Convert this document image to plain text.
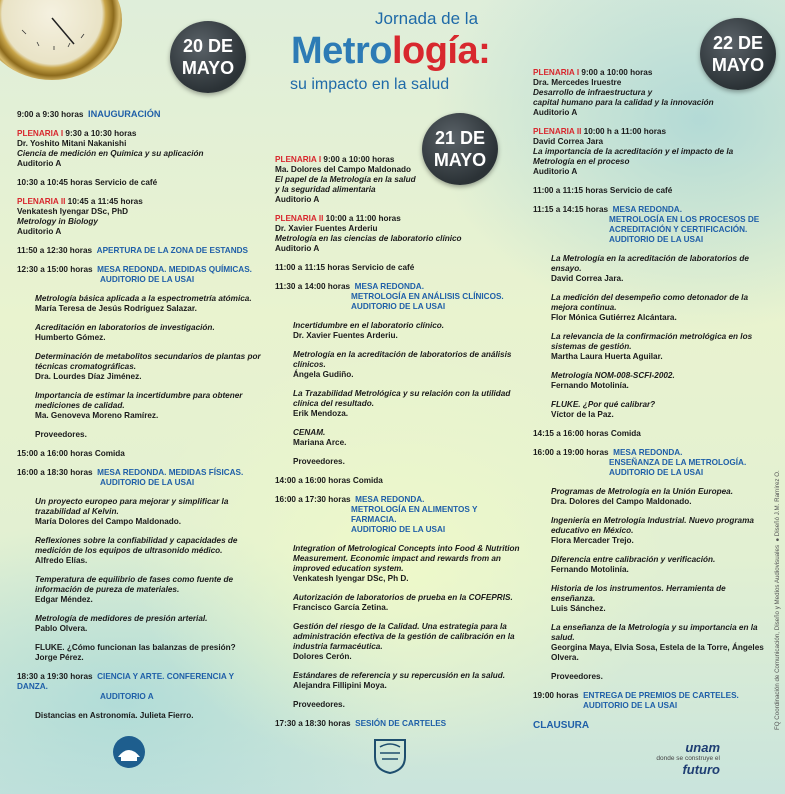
Jornada de la
Metrología:
su impacto en la salud
20 DE MAYO
21 DE MAYO
22 DE MAYO
9:00 a 9:30 horas INAUGURACIÓN
PLENARIA I 9:30 a 10:30 horas
Dr. Yoshito Mitani Nakanishi
Ciencia de medición en Química y su aplicación
Auditorio A
10:30 a 10:45 horas Servicio de café
PLENARIA II 10:45 a 11:45 horas
Venkatesh Iyengar DSc, PhD
Metrology in Biology
Auditorio A
11:50 a 12:30 horas APERTURA DE LA ZONA DE ESTANDS
12:30 a 15:00 horas MESA REDONDA. MEDIDAS QUÍMICAS.
AUDITORIO DE LA USAI
Metrología básica aplicada a la espectrometría atómica.
María Teresa de Jesús Rodríguez Salazar.
Acreditación en laboratorios de investigación.
Humberto Gómez.
Determinación de metabolitos secundarios de plantas por técnicas cromatográficas.
Dra. Lourdes Díaz Jiménez.
Importancia de estimar la incertidumbre para obtener mediciones de calidad.
Ma. Genoveva Moreno Ramírez.
Proveedores.
15:00 a 16:00 horas Comida
16:00 a 18:30 horas MESA REDONDA. MEDIDAS FÍSICAS.
AUDITORIO DE LA USAI
Un proyecto europeo para mejorar y simplificar la trazabilidad al Kelvin.
María Dolores del Campo Maldonado.
Reflexiones sobre la confiabilidad y capacidades de medición de los equipos de ultrasonido médico.
Alfredo Elías.
Temperatura de equilibrio de fases como fuente de información de pureza de materiales.
Edgar Méndez.
Metrología de medidores de presión arterial.
Pablo Olvera.
FLUKE. ¿Cómo funcionan las balanzas de presión?
Jorge Pérez.
18:30 a 19:30 horas CIENCIA Y ARTE. CONFERENCIA Y DANZA.
AUDITORIO A
Distancias en Astronomía. Julieta Fierro.
PLENARIA I 9:00 a 10:00 horas
Ma. Dolores del Campo Maldonado
El papel de la Metrología en la salud
y la seguridad alimentaria
Auditorio A
PLENARIA II 10:00 a 11:00 horas
Dr. Xavier Fuentes Arderiu
Metrología en las ciencias de laboratorio clínico
Auditorio A
11:00 a 11:15 horas Servicio de café
11:30 a 14:00 horas MESA REDONDA.
METROLOGÍA EN ANÁLISIS CLÍNICOS.
AUDITORIO DE LA USAI
Incertidumbre en el laboratorio clínico.
Dr. Xavier Fuentes Arderiu.
Metrología en la acreditación de laboratorios de análisis clínicos.
Ángela Gudiño.
La Trazabilidad Metrológica y su relación con la utilidad clínica del resultado.
Erik Mendoza.
CENAM.
Mariana Arce.
Proveedores.
14:00 a 16:00 horas Comida
16:00 a 17:30 horas MESA REDONDA.
METROLOGÍA EN ALIMENTOS Y FARMACIA.
AUDITORIO DE LA USAI
Integration of Metrological Concepts into Food & Nutrition Measurement. Economic impact and rewards from an improved education system.
Venkatesh Iyengar DSc, Ph D.
Autorización de laboratorios de prueba en la COFEPRIS.
Francisco García Zetina.
Gestión del riesgo de la Calidad. Una estrategia para la administración efectiva de la gestión de calibración en la industria farmacéutica.
Dolores Cerón.
Estándares de referencia y su repercusión en la salud.
Alejandra Fillipini Moya.
Proveedores.
17:30 a 18:30 horas SESIÓN DE CARTELES
PLENARIA I 9:00 a 10:00 horas
Dra. Mercedes Iruestre
Desarrollo de infraestructura y
capital humano para la calidad y la innovación
Auditorio A
PLENARIA II 10:00 h a 11:00 horas
David Correa Jara
La importancia de la acreditación y el impacto de la Metrología en el proceso
Auditorio A
11:00 a 11:15 horas Servicio de café
11:15 a 14:15 horas MESA REDONDA.
METROLOGÍA EN LOS PROCESOS DE
ACREDITACIÓN Y CERTIFICACIÓN.
AUDITORIO DE LA USAI
La Metrología en la acreditación de laboratorios de ensayo.
David Correa Jara.
La medición del desempeño como detonador de la mejora continua.
Flor Mónica Gutiérrez Alcántara.
La relevancia de la confirmación metrológica en los sistemas de gestión.
Martha Laura Huerta Aguilar.
Metrología NOM-008-SCFI-2002.
Fernando Motolinía.
FLUKE. ¿Por qué calibrar?
Víctor de la Paz.
14:15 a 16:00 horas Comida
16:00 a 19:00 horas MESA REDONDA.
ENSEÑANZA DE LA METROLOGÍA.
AUDITORIO DE LA USAI
Programas de Metrología en la Unión Europea.
Dra. Dolores del Campo Maldonado.
Ingeniería en Metrología Industrial. Nuevo programa educativo en México.
Flora Mercader Trejo.
Diferencia entre calibración y verificación.
Fernando Motolinía.
Historia de los instrumentos. Herramienta de enseñanza.
Luis Sánchez.
La enseñanza de la Metrología y su importancia en la salud.
Georgina Maya, Elvia Sosa, Estela de la Torre, Ángeles Olvera.
Proveedores.
19:00 horas ENTREGA DE PREMIOS DE CARTELES.
AUDITORIO DE LA USAI
CLAUSURA	FQ Coordinación de Comunicación, Diseño y Medios Audiovisuales ●Diseñó J.M. Ramírez O.
unam
donde se construye el
futuro
